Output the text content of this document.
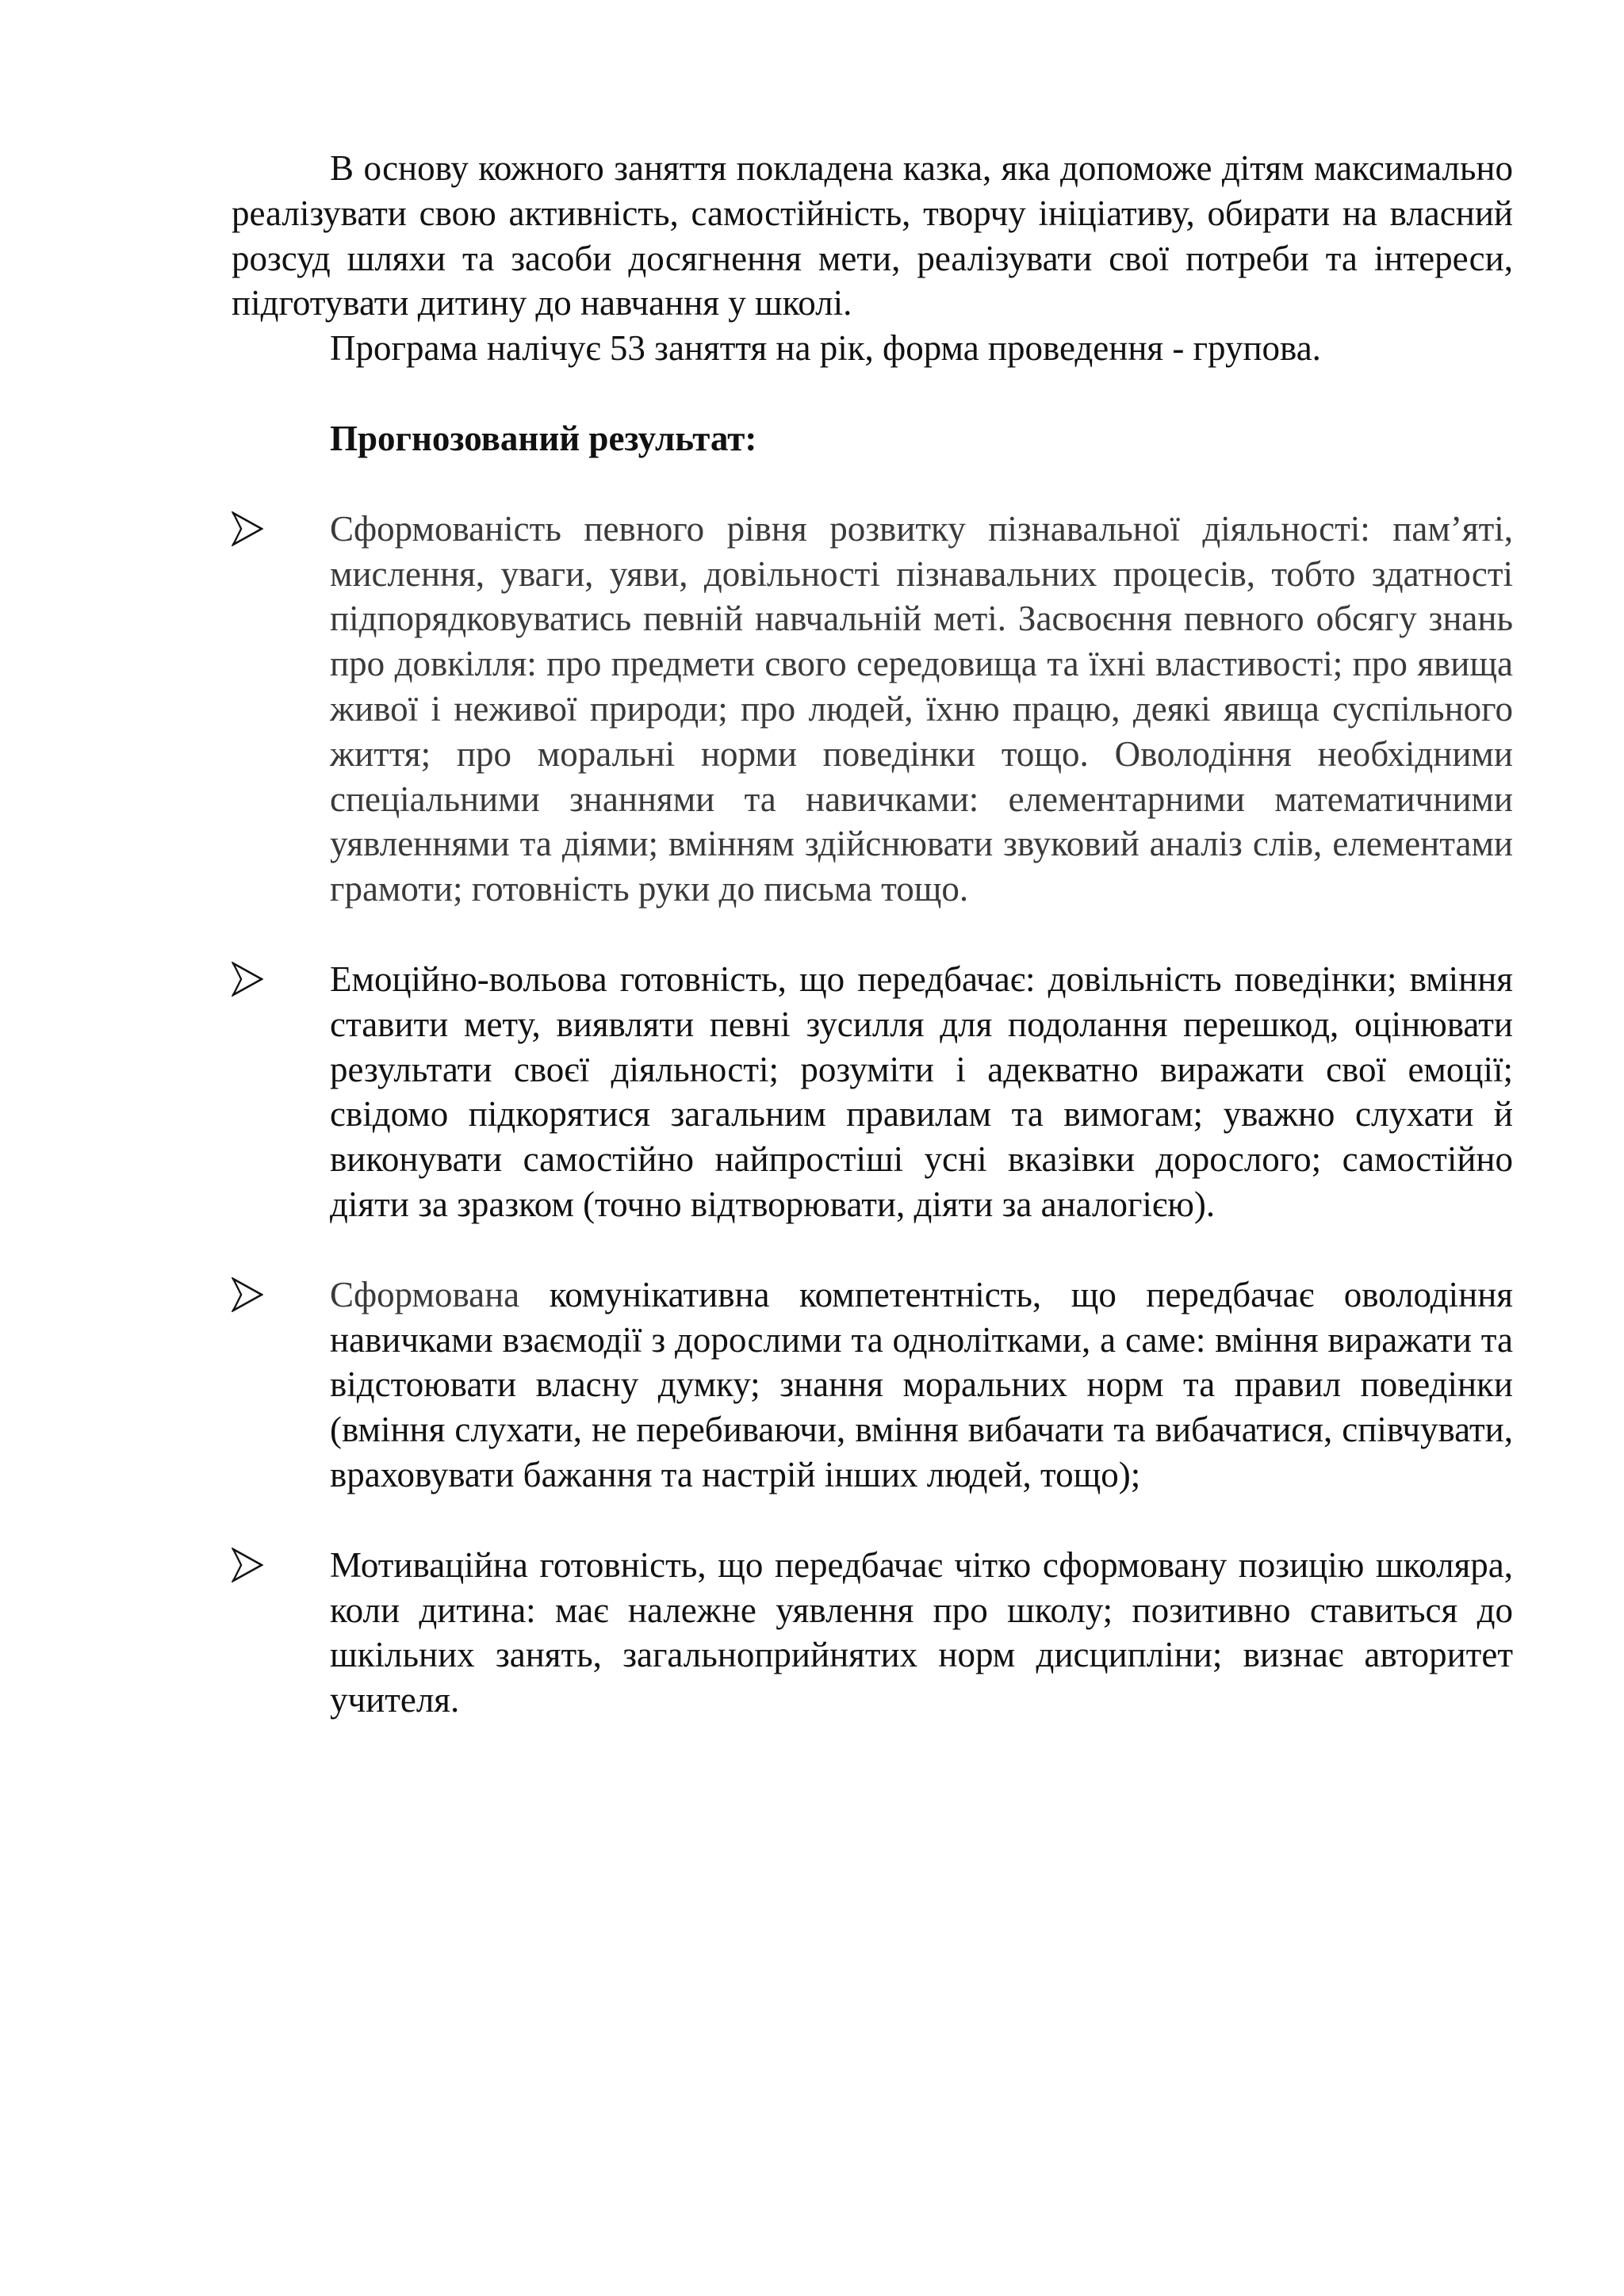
В основу кожного заняття покладена казка, яка допоможе дітям максимально реалізувати свою активність, самостійність, творчу ініціативу, обирати на власний розсуд шляхи та засоби досягнення мети, реалізувати свої потреби та інтереси, підготувати дитину до навчання у школі.

Програма налічує 53 заняття на рік, форма проведення - групова.

Прогнозований результат:
Сформованість певного рівня розвитку пізнавальної діяльності: пам’яті, мислення, уваги, уяви, довільності пізнавальних процесів, тобто здатності підпорядковуватись певній навчальній меті. Засвоєння певного обсягу знань про довкілля: про предмети свого середовища та їхні властивості; про явища живої і неживої природи; про людей, їхню працю, деякі явища суспільного життя; про моральні норми поведінки тощо. Оволодіння необхідними спеціальними знаннями та навичками: елементарними математичними уявленнями та діями; вмінням здійснювати звуковий аналіз слів, елементами грамоти; готовність руки до письма тощо.
Емоційно-вольова готовність, що передбачає: довільність поведінки; вміння ставити мету, виявляти певні зусилля для подолання перешкод, оцінювати результати своєї діяльності; розуміти і адекватно виражати свої емоції; свідомо підкорятися загальним правилам та вимогам; уважно слухати й виконувати самостійно найпростіші усні вказівки дорослого; самостійно діяти за зразком (точно відтворювати, діяти за аналогією).
Сформована комунікативна компетентність, що передбачає оволодіння навичками взаємодії з дорослими та однолітками, а саме: вміння виражати та відстоювати власну думку; знання моральних норм та правил поведінки (вміння слухати, не перебиваючи, вміння вибачати та вибачатися, співчувати, враховувати бажання та настрій інших людей, тощо);
Мотиваційна готовність, що передбачає чітко сформовану позицію школяра, коли дитина: має належне уявлення про школу; позитивно ставиться до шкільних занять, загальноприйнятих норм дисципліни; визнає авторитет учителя.
